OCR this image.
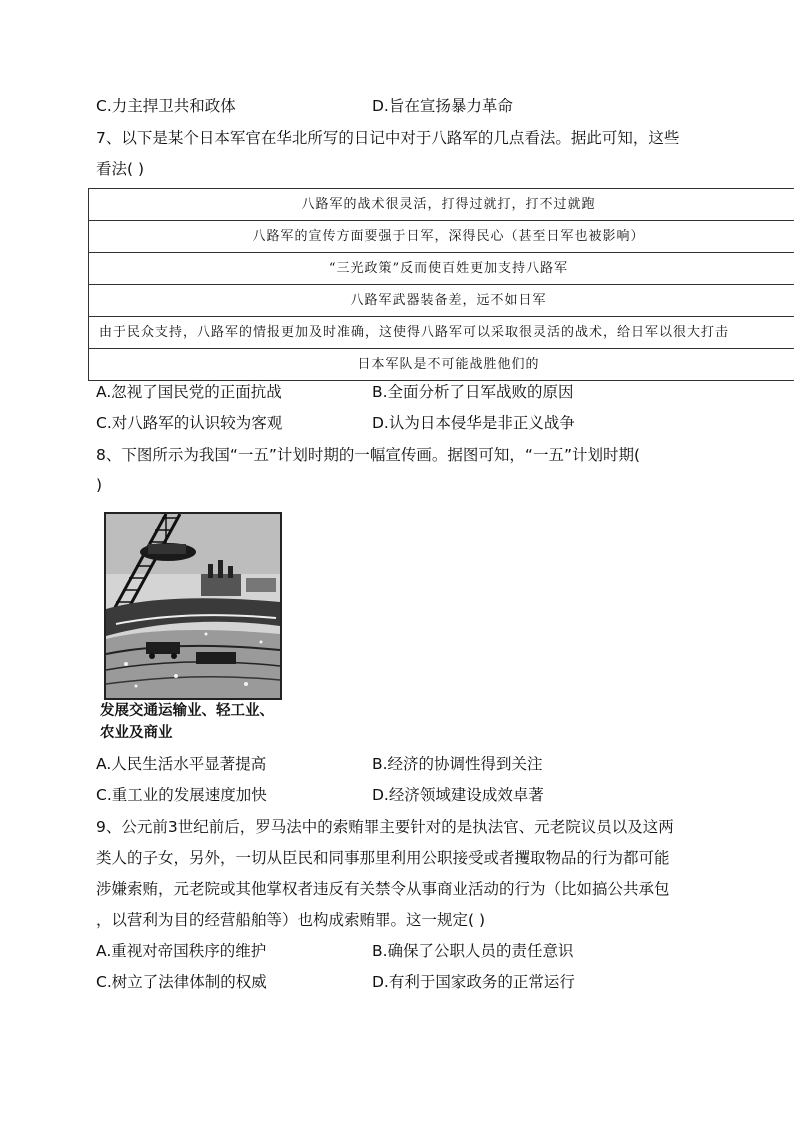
C.力主捍卫共和政体	D.旨在宣扬暴力革命
7、以下是某个日本军官在华北所写的日记中对于八路军的几点看法。据此可知，这些
看法( )
八路军的战术很灵活，打得过就打，打不过就跑
八路军的宣传方面要强于日军，深得民心（甚至日军也被影响）
“三光政策”反而使百姓更加支持八路军
八路军武器装备差，远不如日军
由于民众支持，八路军的情报更加及时准确，这使得八路军可以采取很灵活的战术，给日军以很大打击
日本军队是不可能战胜他们的
A.忽视了国民党的正面抗战	B.全面分析了日军战败的原因
C.对八路军的认识较为客观	D.认为日本侵华是非正义战争
8、下图所示为我国“一五”计划时期的一幅宣传画。据图可知，“一五”计划时期(
)
发展交通运输业、轻工业、
农业及商业
A.人民生活水平显著提高	B.经济的协调性得到关注
C.重工业的发展速度加快	D.经济领域建设成效卓著
9、公元前3世纪前后，罗马法中的索贿罪主要针对的是执法官、元老院议员以及这两
类人的子女，另外，一切从臣民和同事那里利用公职接受或者攫取物品的行为都可能
涉嫌索贿，元老院或其他掌权者违反有关禁令从事商业活动的行为（比如搞公共承包
，以营利为目的经营船舶等）也构成索贿罪。这一规定( )
A.重视对帝国秩序的维护	B.确保了公职人员的责任意识
C.树立了法律体制的权威	D.有利于国家政务的正常运行
